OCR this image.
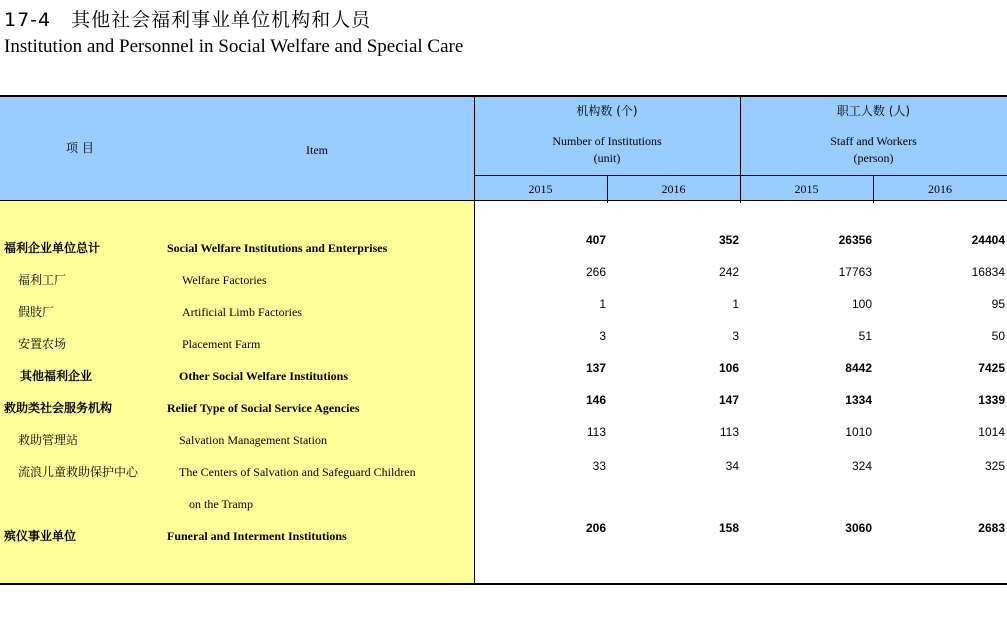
17-4　其他社会福利事业单位机构和人员
Institution and Personnel in Social Welfare and Special Care
项 目	Item
机构数 (个)
Number of Institutions
(unit)
职工人数 (人)
Staff and Workers
(person)
2015	2016	2015	2016
福利企业单位总计	Social Welfare Institutions and Enterprises
407	352	26356	24404
福利工厂	Welfare Factories
266	242	17763	16834
假肢厂	Artificial Limb Factories
1	1	100	95
安置农场	Placement Farm
3	3	51	50
其他福利企业	Other Social Welfare Institutions
137	106	8442	7425
救助类社会服务机构	Relief Type of Social Service Agencies
146	147	1334	1339
救助管理站	Salvation Management Station
113	113	1010	1014
流浪儿童救助保护中心	The Centers of Salvation and Safeguard Children	33	34	324	325
on the Tramp
殡仪事业单位	Funeral and Interment Institutions
206	158	3060	2683
